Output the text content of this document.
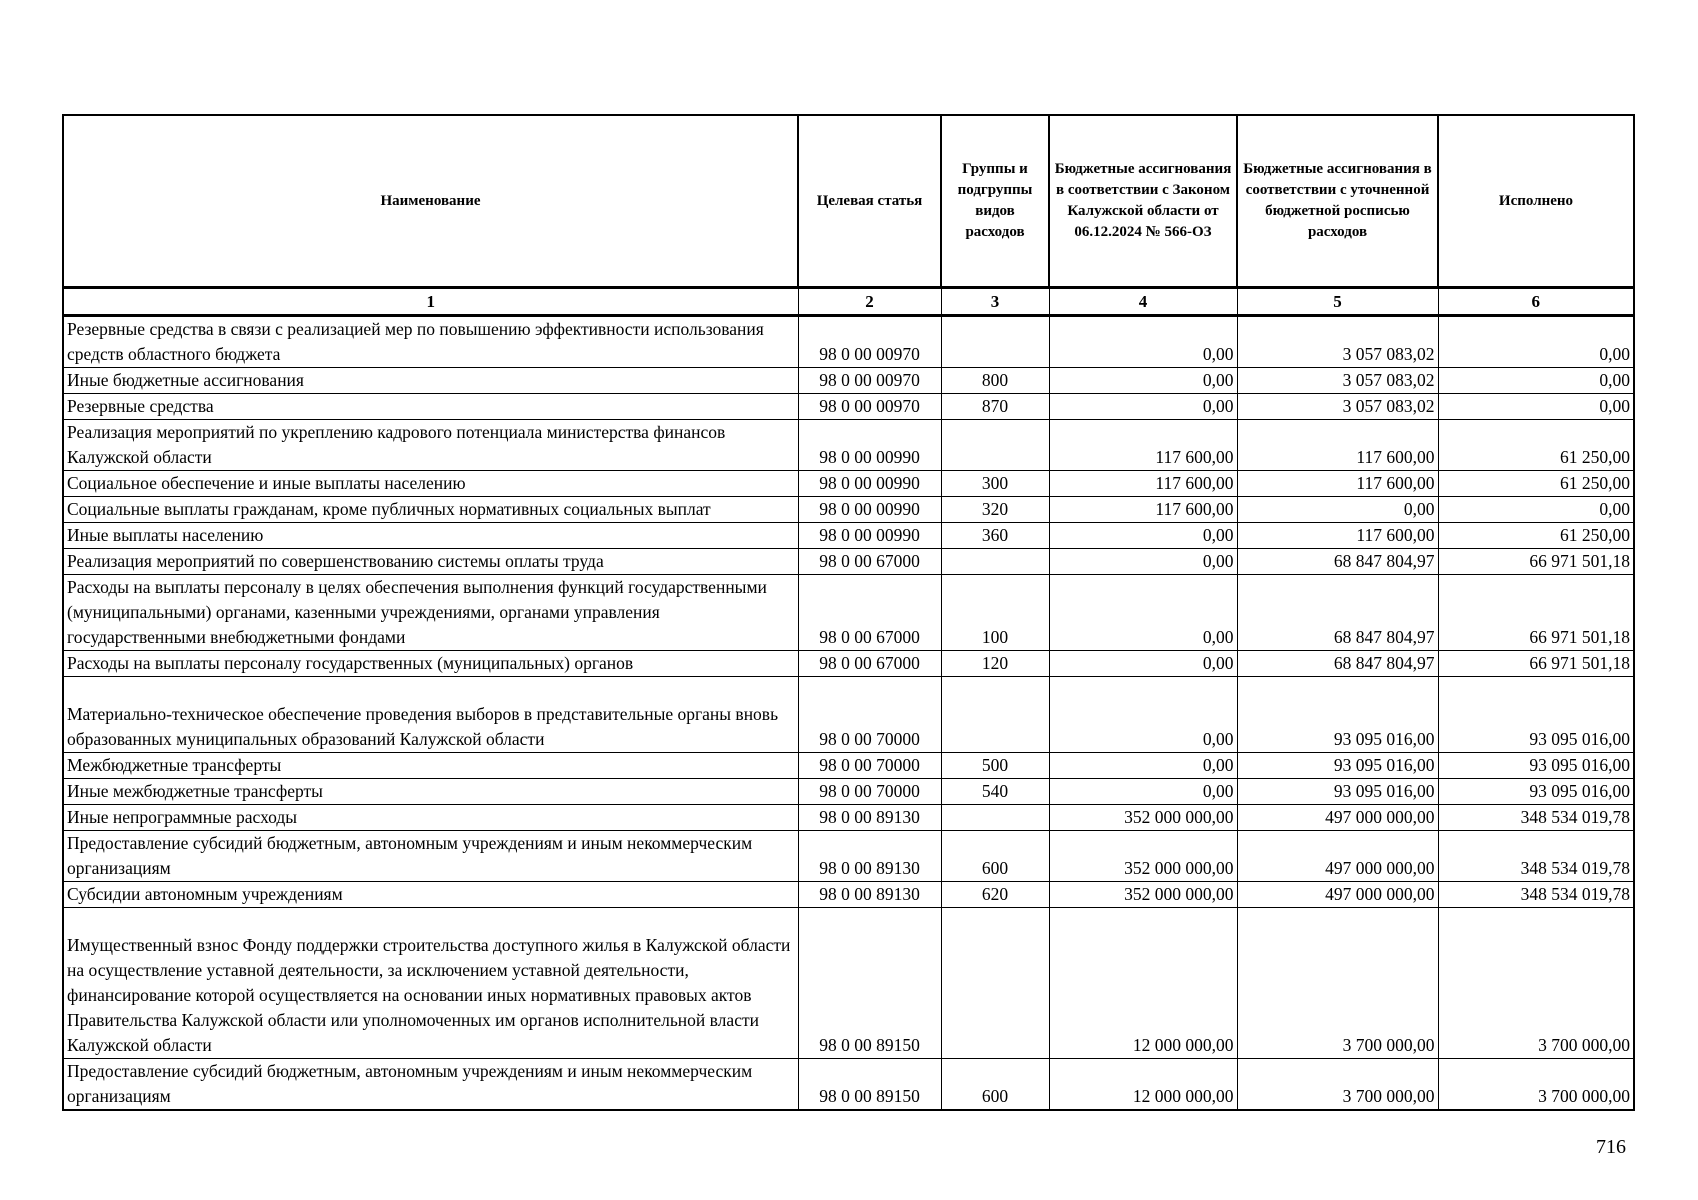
Наименование	Целевая статья	Группы и подгруппы видов расходов	Бюджетные ассигнования в соответствии с Законом Калужской области от 06.12.2024 № 566-ОЗ	Бюджетные ассигнования в соответствии с уточненной бюджетной росписью расходов	Исполнено
1	2	3	4	5	6
Резервные средства в связи с реализацией мер по повышению эффективности использования средств областного бюджета	98 0 00 00970		0,00	3 057 083,02	0,00
Иные бюджетные ассигнования	98 0 00 00970	800	0,00	3 057 083,02	0,00
Резервные средства	98 0 00 00970	870	0,00	3 057 083,02	0,00
Реализация мероприятий по укреплению кадрового потенциала министерства финансов Калужской области	98 0 00 00990		117 600,00	117 600,00	61 250,00
Социальное обеспечение и иные выплаты населению	98 0 00 00990	300	117 600,00	117 600,00	61 250,00
Социальные выплаты гражданам, кроме публичных нормативных социальных выплат	98 0 00 00990	320	117 600,00	0,00	0,00
Иные выплаты населению	98 0 00 00990	360	0,00	117 600,00	61 250,00
Реализация мероприятий по совершенствованию системы оплаты труда	98 0 00 67000		0,00	68 847 804,97	66 971 501,18
Расходы на выплаты персоналу в целях обеспечения выполнения функций государственными (муниципальными) органами, казенными учреждениями, органами управления государственными внебюджетными фондами	98 0 00 67000	100	0,00	68 847 804,97	66 971 501,18
Расходы на выплаты персоналу государственных (муниципальных) органов	98 0 00 67000	120	0,00	68 847 804,97	66 971 501,18
Материально-техническое обеспечение проведения выборов в представительные органы вновь образованных муниципальных образований Калужской области	98 0 00 70000		0,00	93 095 016,00	93 095 016,00
Межбюджетные трансферты	98 0 00 70000	500	0,00	93 095 016,00	93 095 016,00
Иные межбюджетные трансферты	98 0 00 70000	540	0,00	93 095 016,00	93 095 016,00
Иные непрограммные расходы	98 0 00 89130		352 000 000,00	497 000 000,00	348 534 019,78
Предоставление субсидий бюджетным, автономным учреждениям и иным некоммерческим организациям	98 0 00 89130	600	352 000 000,00	497 000 000,00	348 534 019,78
Субсидии автономным учреждениям	98 0 00 89130	620	352 000 000,00	497 000 000,00	348 534 019,78
Имущественный взнос Фонду поддержки строительства доступного жилья в Калужской области на осуществление уставной деятельности, за исключением уставной деятельности, финансирование которой осуществляется на основании иных нормативных правовых актов Правительства Калужской области или уполномоченных им органов исполнительной власти Калужской области	98 0 00 89150		12 000 000,00	3 700 000,00	3 700 000,00
Предоставление субсидий бюджетным, автономным учреждениям и иным некоммерческим организациям	98 0 00 89150	600	12 000 000,00	3 700 000,00	3 700 000,00
716
